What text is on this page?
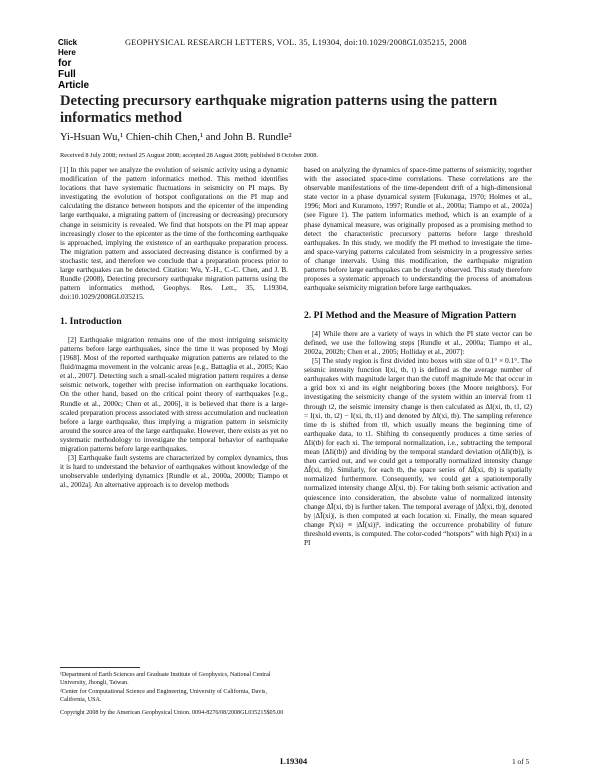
Click
Here
for
Full Article
GEOPHYSICAL RESEARCH LETTERS, VOL. 35, L19304, doi:10.1029/2008GL035215, 2008
Detecting precursory earthquake migration patterns using the pattern informatics method
Yi-Hsuan Wu,¹ Chien-chih Chen,¹ and John B. Rundle²
Received 8 July 2008; revised 25 August 2008; accepted 28 August 2008; published 8 October 2008.

[1] In this paper we analyze the evolution of seismic activity using a dynamic modification of the pattern informatics method. This method identifies locations that have systematic fluctuations in seismicity on PI maps. By investigating the evolution of hotspot configurations on the PI map and calculating the distance between hotspots and the epicenter of the impending large earthquake, a migrating pattern of (increasing or decreasing) precursory change in seismicity is revealed. We find that hotspots on the PI map appear increasingly closer to the epicenter as the time of the forthcoming earthquake is approached, implying the existence of an earthquake preparation process. The migration pattern and associated decreasing distance is confirmed by a stochastic test, and therefore we conclude that a preparation process prior to large earthquakes can be detected. Citation: Wu, Y.-H., C.-C. Chen, and J. B. Rundle (2008), Detecting precursory earthquake migration patterns using the pattern informatics method, Geophys. Res. Lett., 35, L19304, doi:10.1029/2008GL035215.

1. Introduction

[2] Earthquake migration remains one of the most intriguing seismicity patterns before large earthquakes, since the time it was proposed by Mogi [1968]. Most of the reported earthquake migration patterns are related to the fluid/magma movement in the volcanic areas [e.g., Battaglia et al., 2005; Kao et al., 2007]. Detecting such a small-scaled migration pattern requires a dense seismic network, together with precise information on earthquake locations. On the other hand, based on the critical point theory of earthquakes [e.g., Rundle et al., 2000c; Chen et al., 2006], it is believed that there is a large-scaled preparation process associated with stress accumulation and nucleation before a large earthquake, thus implying a migration pattern in seismicity around the source area of the large earthquake. However, there exists as yet no systematic methodology to investigate the temporal behavior of earthquake migration patterns before large earthquakes.

[3] Earthquake fault systems are characterized by complex dynamics, thus it is hard to understand the behavior of earthquakes without knowledge of the unobservable underlying dynamics [Rundle et al., 2000a, 2000b; Tiampo et al., 2002a]. An alternative approach is to develop methods

based on analyzing the dynamics of space-time patterns of seismicity, together with the associated space-time correlations. These correlations are the observable manifestations of the time-dependent drift of a high-dimensional state vector in a phase dynamical system [Fukunaga, 1970; Holmes et al., 1996; Mori and Kuramoto, 1997; Rundle et al., 2000a; Tiampo et al., 2002a] (see Figure 1). The pattern informatics method, which is an example of a phase dynamical measure, was originally proposed as a promising method to detect the characteristic precursory patterns before large threshold earthquakes. In this study, we modify the PI method to investigate the time- and space-varying patterns calculated from seismicity in a progressive series of change intervals. Using this modification, the earthquake migration patterns before large earthquakes can be clearly observed. This study therefore proposes a systematic approach to understanding the process of anomalous earthquake seismicity migration before large earthquakes.

2. PI Method and the Measure of Migration Pattern

[4] While there are a variety of ways in which the PI state vector can be defined, we use the following steps [Rundle et al., 2000a; Tiampo et al., 2002a, 2002b; Chen et al., 2005; Holliday et al., 2007]:

[5] The study region is first divided into boxes with size of 0.1° × 0.1°. The seismic intensity function I(xi, tb, t) is defined as the average number of earthquakes with magnitude larger than the cutoff magnitude Mc that occur in a grid box xi and its eight neighboring boxes (the Moore neighbors). For investigating the seismicity change of the system within an interval from t1 through t2, the seismic intensity change is then calculated as ΔI(xi, tb, t1, t2) = I(xi, tb, t2) − I(xi, tb, t1) and denoted by ΔI(xi, tb). The sampling reference time tb is shifted from t0, which usually means the beginning time of earthquake data, to t1. Shifting tb consequently produces a time series of ΔIi(tb) for each xi. The temporal normalization, i.e., subtracting the temporal mean ⟨ΔIi(tb)⟩ and dividing by the temporal standard deviation σ(ΔIi(tb)), is then carried out, and we could get a temporally normalized intensity change ΔÎ(xi, tb). Similarly, for each tb, the space series of ΔÎ(xi, tb) is spatially normalized furthermore. Consequently, we could get a spatiotemporally normalized intensity change ΔĨ(xi, tb). For taking both seismic activation and quiescence into consideration, the absolute value of normalized intensity change ΔĨ(xi, tb) is further taken. The temporal average of |ΔĨ(xi, tb)|, denoted by |ΔĨ(xi)|, is then computed at each location xi. Finally, the mean squared change P(xi) ≡ |ΔĨ(xi)|², indicating the occurrence probability of future threshold events, is computed. The color-coded “hotspots” with high P(xi) in a PI

¹Department of Earth Sciences and Graduate Institute of Geophysics, National Central University, Jhongli, Taiwan.

²Center for Computational Science and Engineering, University of California, Davis, California, USA.

Copyright 2008 by the American Geophysical Union. 0094-8276/08/2008GL035215$05.00

L19304	1 of 5
